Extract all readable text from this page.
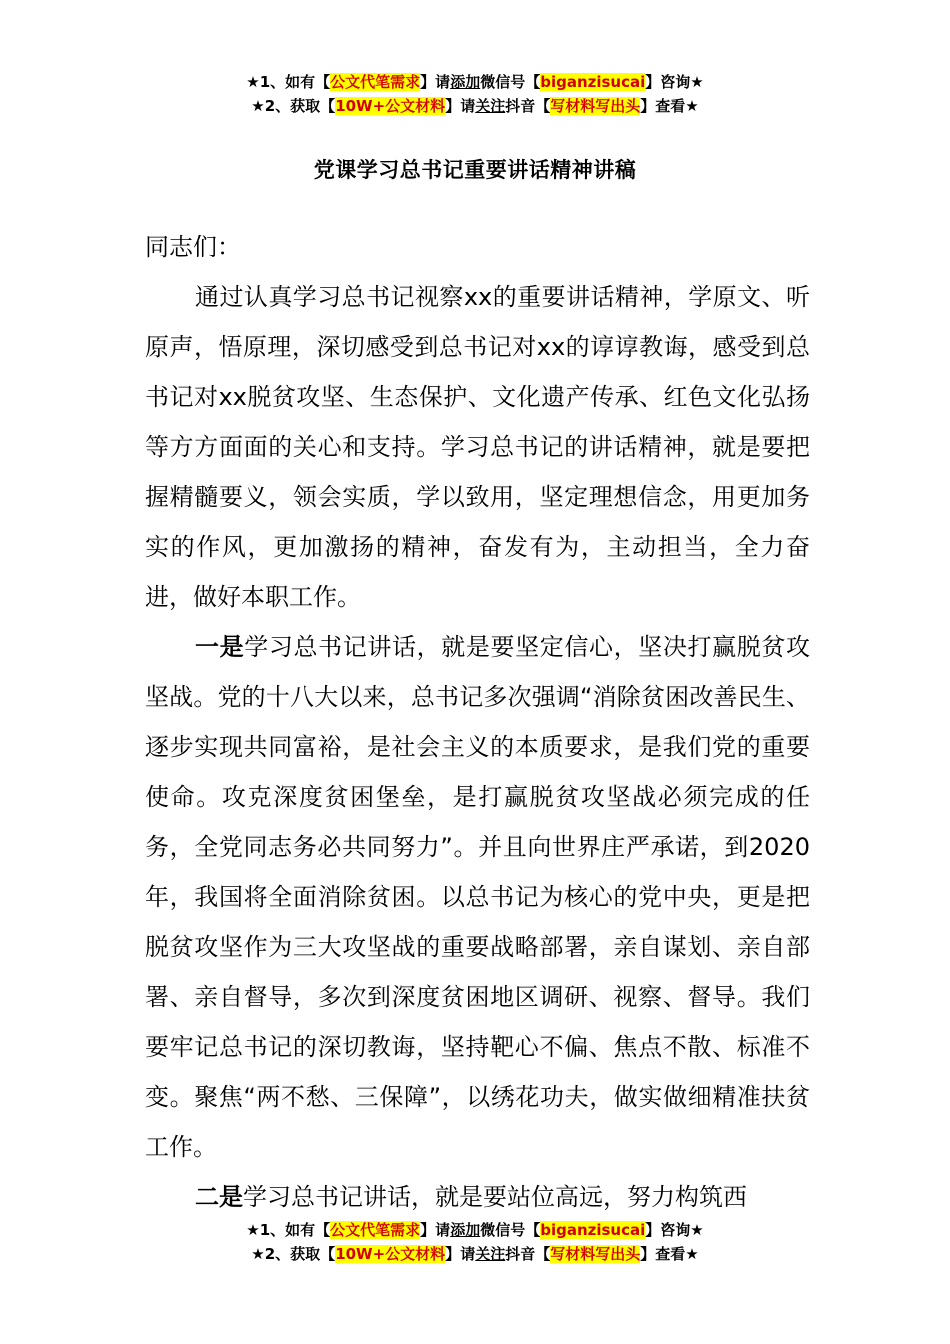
★1、如有【公文代笔需求】请添加微信号【biganzisucai】咨询★
★2、获取【10W+公文材料】请关注抖音【写材料写出头】查看★
党课学习总书记重要讲话精神讲稿

同志们：

通过认真学习总书记视察xx的重要讲话精神，学原文、听原声，悟原理，深切感受到总书记对xx的谆谆教诲，感受到总书记对xx脱贫攻坚、生态保护、文化遗产传承、红色文化弘扬等方方面面的关心和支持。学习总书记的讲话精神，就是要把握精髓要义，领会实质，学以致用，坚定理想信念，用更加务实的作风，更加激扬的精神，奋发有为，主动担当，全力奋进，做好本职工作。

一是学习总书记讲话，就是要坚定信心，坚决打赢脱贫攻坚战。党的十八大以来，总书记多次强调“消除贫困改善民生、逐步实现共同富裕，是社会主义的本质要求，是我们党的重要使命。攻克深度贫困堡垒，是打赢脱贫攻坚战必须完成的任务，全党同志务必共同努力”。并且向世界庄严承诺，到2020年，我国将全面消除贫困。以总书记为核心的党中央，更是把脱贫攻坚作为三大攻坚战的重要战略部署，亲自谋划、亲自部署、亲自督导，多次到深度贫困地区调研、视察、督导。我们要牢记总书记的深切教诲，坚持靶心不偏、焦点不散、标准不变。聚焦“两不愁、三保障”，以绣花功夫，做实做细精准扶贫工作。

二是学习总书记讲话，就是要站位高远，努力构筑西

★1、如有【公文代笔需求】请添加微信号【biganzisucai】咨询★
★2、获取【10W+公文材料】请关注抖音【写材料写出头】查看★
